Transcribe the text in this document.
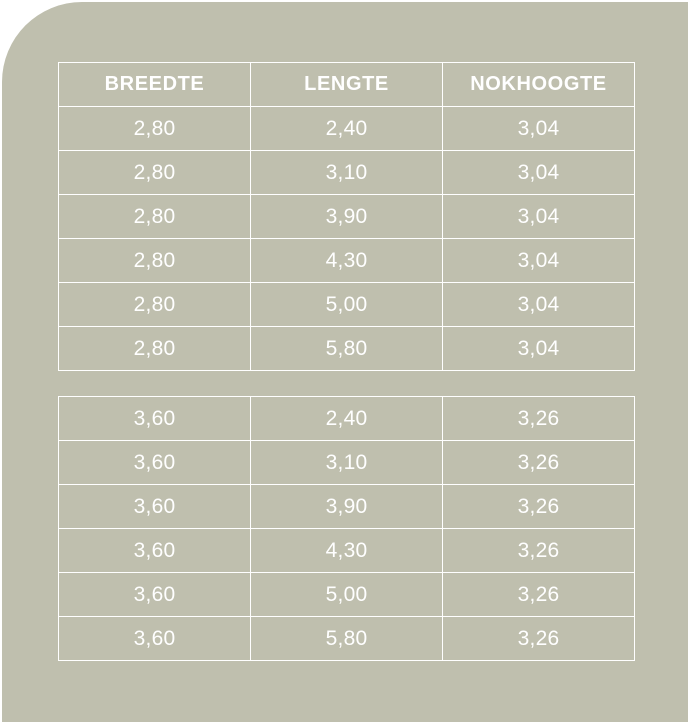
BREEDTE	LENGTE	NOKHOOGTE
2,80	2,40	3,04
2,80	3,10	3,04
2,80	3,90	3,04
2,80	4,30	3,04
2,80	5,00	3,04
2,80	5,80	3,04
3,60	2,40	3,26
3,60	3,10	3,26
3,60	3,90	3,26
3,60	4,30	3,26
3,60	5,00	3,26
3,60	5,80	3,26
